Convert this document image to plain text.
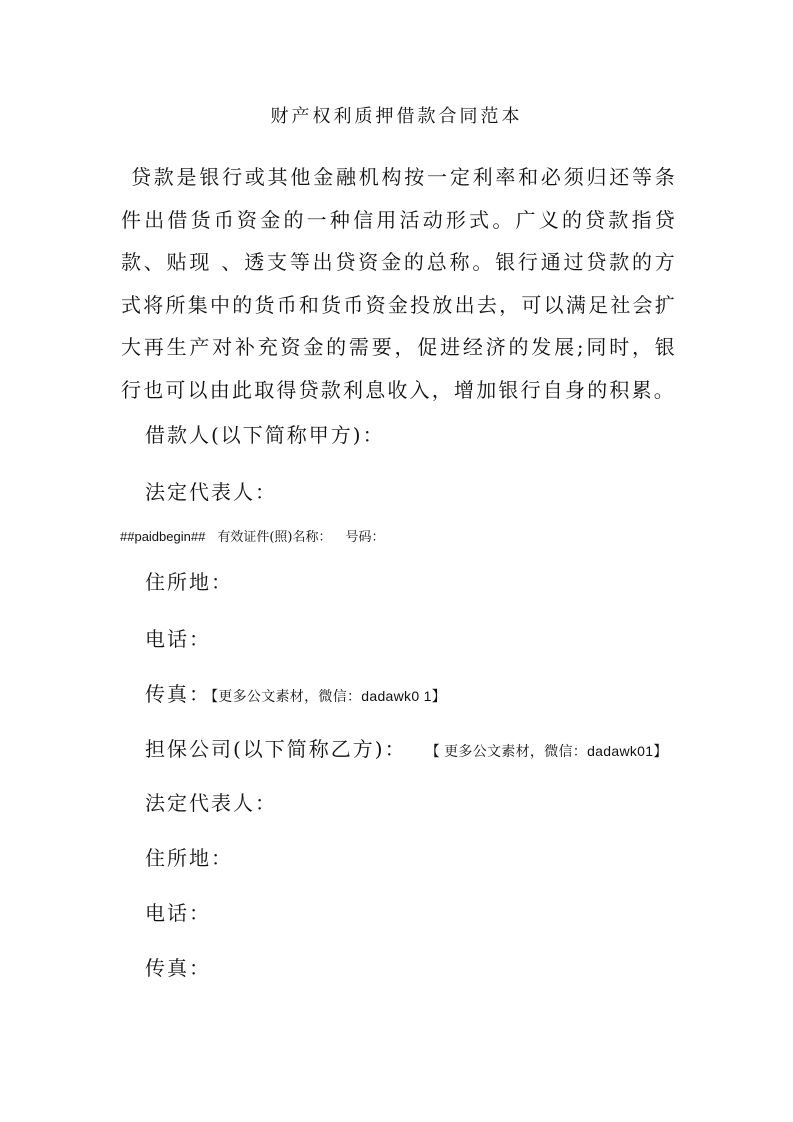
财产权利质押借款合同范本

贷款是银行或其他金融机构按一定利率和必须归还等条件出借货币资金的一种信用活动形式。广义的贷款指贷款、贴现 、透支等出贷资金的总称。银行通过贷款的方式将所集中的货币和货币资金投放出去，可以满足社会扩大再生产对补充资金的需要，促进经济的发展;同时，银行也可以由此取得贷款利息收入，增加银行自身的积累。

借款人(以下简称甲方)：
法定代表人：
##paidbegin## 有效证件(照)名称： 号码：
住所地：
电话：
传真：【更多公文素材，微信：dadawk0 1】
担保公司(以下简称乙方)： 【 更多公文素材，微信：dadawk01】
法定代表人：
住所地：
电话：
传真：
